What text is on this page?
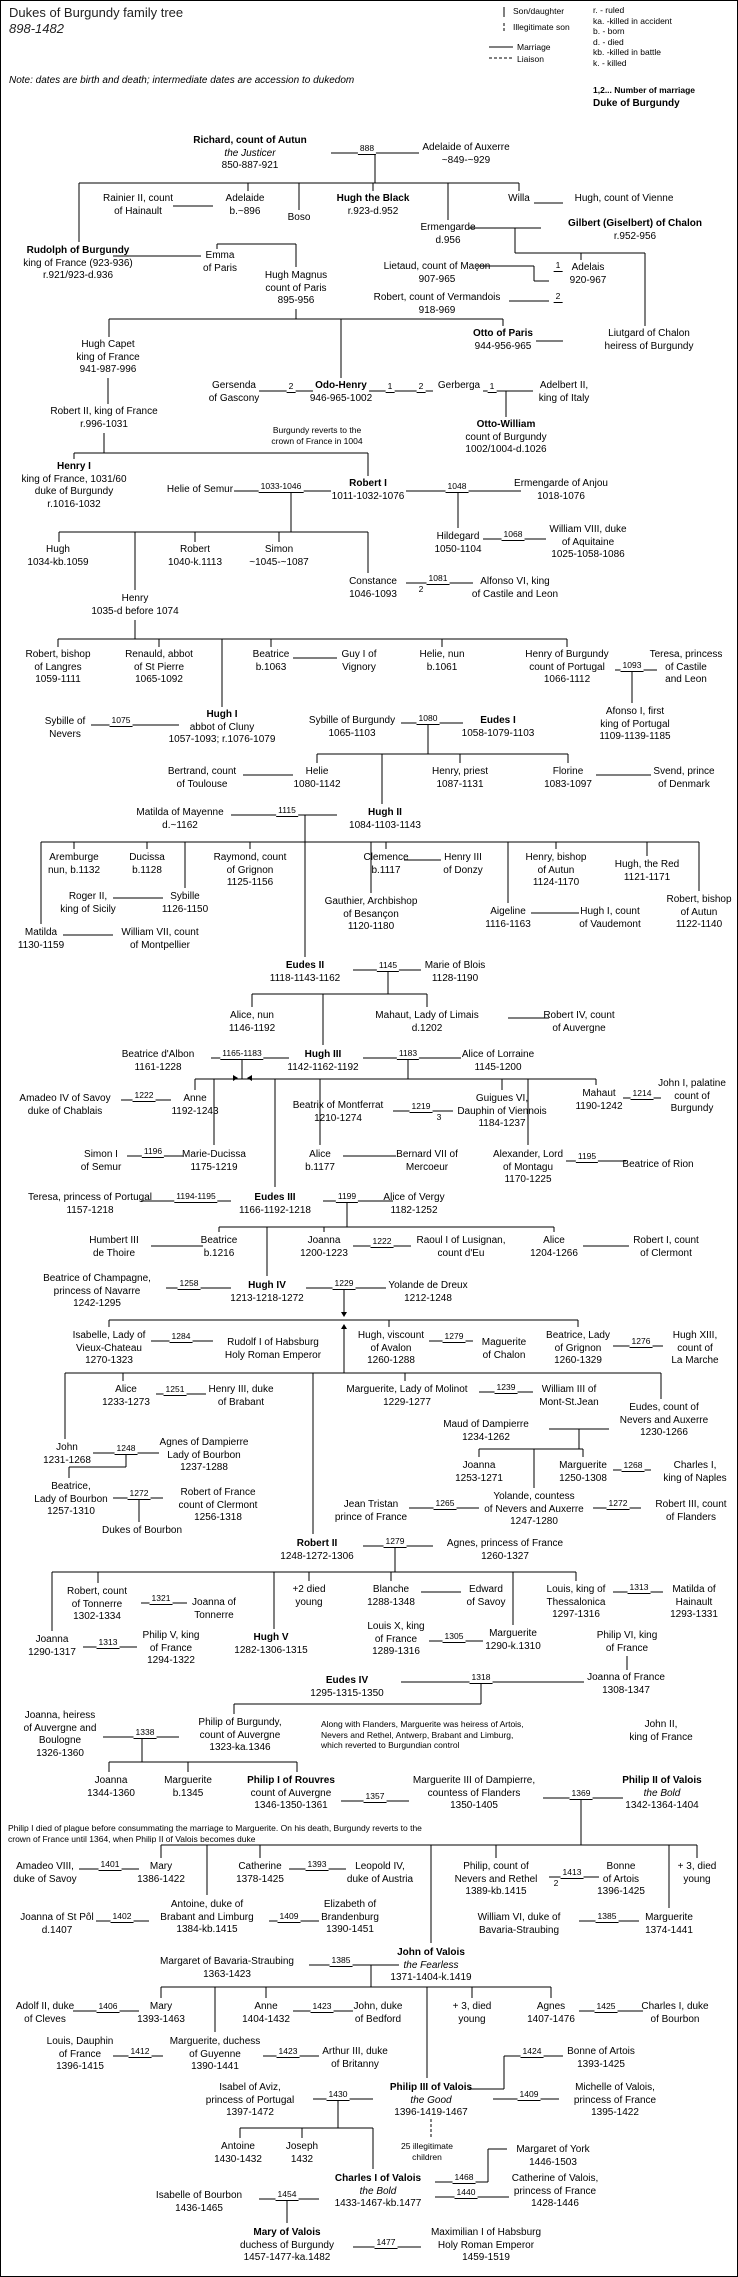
Dukes of Burgundy family tree
898-1482
Note: dates are birth and death; intermediate dates are accession to dukedom
Son/daughter
Illegitimate son
Marriage
Liaison
r. - ruled
ka. -killed in accident
b. - born
d. - died
kb. -killed in battle
k. - killed
1,2... Number of marriage
Duke of Burgundy
Richard, count of Autun
the Justicer
850-887-921
Adelaide of Auxerre
~849-~929
Rainier II, count
of Hainault
Adelaide
b.~896
Boso
Hugh the Black
r.923-d.952
Willa	Hugh, count of Vienne
Ermengarde
d.956
Gilbert (Giselbert) of Chalon
r.952-956
Rudolph of Burgundy
king of France (923-936)
r.921/923-d.936
Emma
of Paris
Hugh Magnus
count of Paris
895-956
Lietaud, count of Maçon
907-965
Robert, count of Vermandois
918-969
Adelais
920-967
Otto of Paris
944-956-965
Liutgard of Chalon
heiress of Burgundy
Hugh Capet
king of France
941-987-996
Gersenda
of Gascony
Odo-Henry
946-965-1002
Gerberga	Adelbert II,
king of Italy
Robert II, king of France
r.996-1031
Burgundy reverts to the
crown of France in 1004
Otto-William
count of Burgundy
1002/1004-d.1026
Henry I
king of France, 1031/60
duke of Burgundy
r.1016-1032
Helie of Semur
Robert I
1011-1032-1076
Ermengarde of Anjou
1018-1076
Hildegard
1050-1104
William VIII, duke
of Aquitaine
1025-1058-1086
Hugh
1034-kb.1059
Robert
1040-k.1113
Simon
~1045-~1087
Constance
1046-1093
Alfonso VI, king
of Castile and Leon
Henry
1035-d before 1074
Robert, bishop
of Langres
1059-1111
Renauld, abbot
of St Pierre
1065-1092
Beatrice
b.1063
Guy I of
Vignory
Helie, nun
b.1061
Henry of Burgundy
count of Portugal
1066-1112
Teresa, princess
of Castile
and Leon
Afonso I, first
king of Portugal
1109-1139-1185
Sybille of
Nevers
Hugh I
abbot of Cluny
1057-1093; r.1076-1079
Sybille of Burgundy
1065-1103
Eudes I
1058-1079-1103
Bertrand, count
of Toulouse
Helie
1080-1142
Henry, priest
1087-1131
Florine
1083-1097
Svend, prince
of Denmark
Matilda of Mayenne
d.~1162
Hugh II
1084-1103-1143
Aremburge
nun, b.1132
Ducissa
b.1128
Raymond, count
of Grignon
1125-1156
Clemence
b.1117
Henry III
of Donzy
Henry, bishop
of Autun
1124-1170
Hugh, the Red
1121-1171
Roger II,
king of Sicily
Sybille
1126-1150
Gauthier, Archbishop
of Besançon
1120-1180
Aigeline
1116-1163
Hugh I, count
of Vaudemont
Robert, bishop
of Autun
1122-1140
Matilda
1130-1159
William VII, count
of Montpellier
Eudes II
1118-1143-1162
Marie of Blois
1128-1190
Alice, nun
1146-1192
Mahaut, Lady of Limais
d.1202
Robert IV, count
of Auvergne
Beatrice d'Albon
1161-1228
Hugh III
1142-1162-1192
Alice of Lorraine
1145-1200
John I, palatine
count of
Burgundy
Amadeo IV of Savoy
duke of Chablais
Anne
1192-1243	Beatrix of Montferrat
1210-1274
Guigues VI,
Dauphin of Viennois
1184-1237
Mahaut
1190-1242
Simon I
of Semur
Marie-Ducissa
1175-1219
Alice
b.1177
Bernard VII of
Mercoeur
Alexander, Lord
of Montagu
1170-1225
Beatrice of Rion
Teresa, princess of Portugal
1157-1218
Eudes III
1166-1192-1218
Alice of Vergy
1182-1252
Humbert III
de Thoire
Beatrice
b.1216
Joanna
1200-1223
Raoul I of Lusignan,
count d'Eu
Alice
1204-1266
Robert I, count
of Clermont
Beatrice of Champagne,
princess of Navarre
1242-1295
Hugh IV
1213-1218-1272
Yolande de Dreux
1212-1248
Isabelle, Lady of
Vieux-Chateau
1270-1323
Rudolf I of Habsburg
Holy Roman Emperor
Hugh, viscount
of Avalon
1260-1288
Maguerite
of Chalon
Beatrice, Lady
of Grignon
1260-1329
Hugh XIII,
count of
La Marche
Alice
1233-1273
Henry III, duke
of Brabant
Marguerite, Lady of Molinot
1229-1277
William III of
Mont-St.Jean	Eudes, count of
Nevers and Auxerre
1230-1266
Maud of Dampierre
1234-1262
John
1231-1268
Agnes of Dampierre
Lady of Bourbon
1237-1288	Joanna
1253-1271
Marguerite
1250-1308
Charles I,
king of Naples
Beatrice,
Lady of Bourbon
1257-1310
Robert of France
count of Clermont
1256-1318
Dukes of Bourbon
Jean Tristan
prince of France
Yolande, countess
of Nevers and Auxerre
1247-1280
Robert III, count
of Flanders
Robert II
1248-1272-1306
Agnes, princess of France
1260-1327
Robert, count
of Tonnerre
1302-1334
Joanna of
Tonnerre
+2 died
young
Blanche
1288-1348
Edward
of Savoy
Louis, king of
Thessalonica
1297-1316
Matilda of
Hainault
1293-1331
Joanna
1290-1317
Philip V, king
of France
1294-1322
Hugh V
1282-1306-1315
Louis X, king
of France
1289-1316
Marguerite
1290-k.1310
Philip VI, king
of France
Eudes IV
1295-1315-1350
Joanna of France
1308-1347
Joanna, heiress
of Auvergne and
Boulogne
1326-1360
Philip of Burgundy,
count of Auvergne
1323-ka.1346
Along with Flanders, Marguerite was heiress of Artois,
Nevers and Rethel, Antwerp, Brabant and Limburg,
which reverted to Burgundian control
John II,
king of France
Joanna
1344-1360
Marguerite
b.1345
Philip I of Rouvres
count of Auvergne
1346-1350-1361
Marguerite III of Dampierre,
countess of Flanders
1350-1405
Philip II of Valois
the Bold
1342-1364-1404
Philip I died of plague before consummating the marriage to Marguerite. On his death, Burgundy reverts to the
crown of France until 1364, when Philip II of Valois becomes duke
Amadeo VIII,
duke of Savoy
Mary
1386-1422
Catherine
1378-1425
Leopold IV,
duke of Austria
Philip, count of
Nevers and Rethel
1389-kb.1415
Bonne
of Artois
1396-1425
+ 3, died
young
Joanna of St Pôl
d.1407
Antoine, duke of
Brabant and Limburg
1384-kb.1415
Elizabeth of
Brandenburg
1390-1451
William VI, duke of
Bavaria-Straubing
Marguerite
1374-1441
Margaret of Bavaria-Straubing
1363-1423
John of Valois
the Fearless
1371-1404-k.1419
Adolf II, duke
of Cleves
Mary
1393-1463
Anne
1404-1432
John, duke
of Bedford
+ 3, died
young
Agnes
1407-1476
Charles I, duke
of Bourbon
Louis, Dauphin
of France
1396-1415
Marguerite, duchess
of Guyenne
1390-1441
Arthur III, duke
of Britanny
Bonne of Artois
1393-1425
Isabel of Aviz,
princess of Portugal
1397-1472
Philip III of Valois
the Good
1396-1419-1467
Michelle of Valois,
princess of France
1395-1422
Antoine
1430-1432
Joseph
1432
25 illegitimate
children
Margaret of York
1446-1503
Charles I of Valois
the Bold
1433-1467-kb.1477
Catherine of Valois,
princess of France
1428-1446
Isabelle of Bourbon
1436-1465
Mary of Valois
duchess of Burgundy
1457-1477-ka.1482
Maximilian I of Habsburg
Holy Roman Emperor
1459-1519
888
1
2
2	1	2	1
1033-1046	1048
1068
1081
2
1093
1075	1080
1115
1145
1165-1183	1183
1222	1214
1219
3
1196	1195
1194-1195	1199
1222
1258	1229
1284	1279	1276
1251	1239
1248
1268
1272
1265	1272
1279
1321
1313
1313
1305
1318
1338
1357	1369
1401	1393
1413
2
1402	1409	1385
1385
1406	1423	1425
1412	1423	1424
1430	1409
1468
1440
1454
1477
